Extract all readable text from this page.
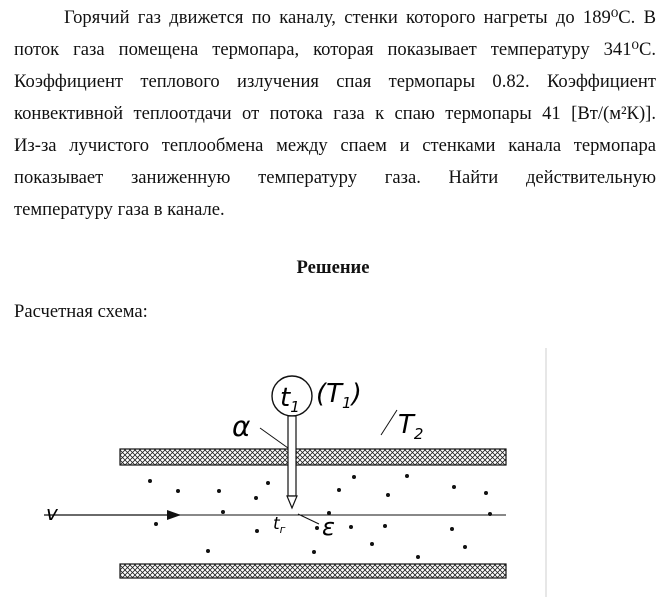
Горячий газ движется по каналу, стенки которого нагреты до 189⁰С. В
поток газа помещена термопара, которая показывает температуру 341⁰С.
Коэффициент теплового излучения спая термопары 0.82. Коэффициент
конвективной теплоотдачи от потока газа к спаю термопары 41 [Вт/(м²К)].
Из-за лучистого теплообмена между спаем и стенками канала термопара
показывает заниженную температуру газа. Найти действительную
температуру газа в канале.
Решение
Расчетная схема:
$t_1$ $(T_1)$
$T_2$
α
v	$t_г$ ε
